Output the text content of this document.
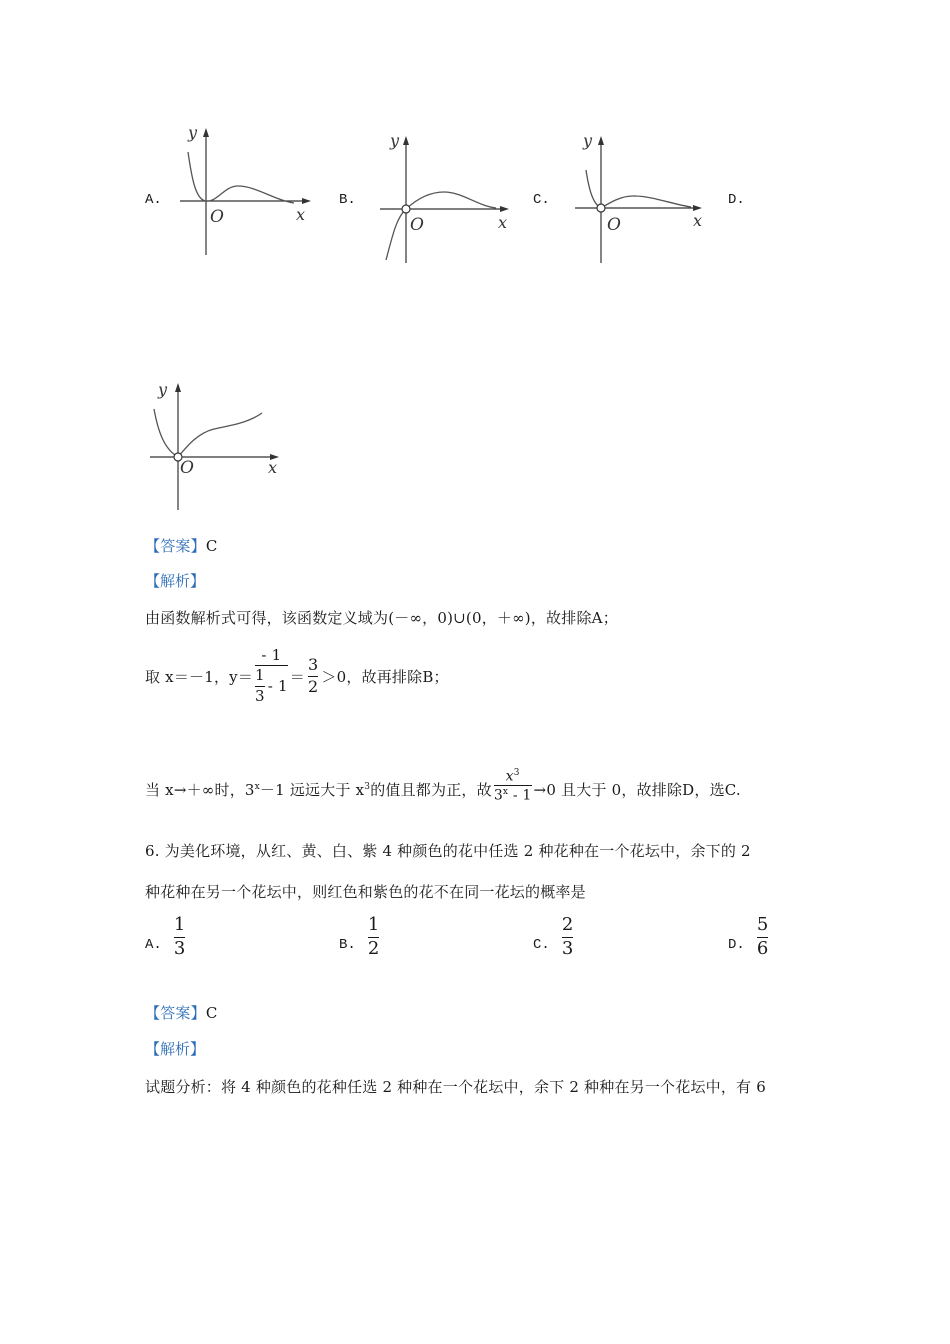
A.	B.	C.	D.
y
O	x
y
O	x
y
O	x
y
O	x
【答案】C
【解析】
由函数解析式可得，该函数定义域为(－∞，0)∪(0，＋∞)，故排除A；
取 x＝－1，$y= \frac{- 1}{\frac{1}{3} - 1} = \frac{3}{2} >0$，故再排除B；
当 x→＋∞时，$3^x-1$ 远远大于 $x^3$的值且都为正，故 $\frac{x^3}{3^x - 1} \to 0$ 且大于 0，故排除D，选C.
6. 为美化环境，从红、黄、白、紫 4 种颜色的花中任选 2 种花种在一个花坛中，余下的 2
种花种在另一个花坛中，则红色和紫色的花不在同一花坛的概率是
A. $\frac{1}{3}$	B. $\frac{1}{2}$	C. $\frac{2}{3}$	D. $\frac{5}{6}$
【答案】C
【解析】
试题分析：将 4 种颜色的花种任选 2 种种在一个花坛中，余下 2 种种在另一个花坛中，有 6
